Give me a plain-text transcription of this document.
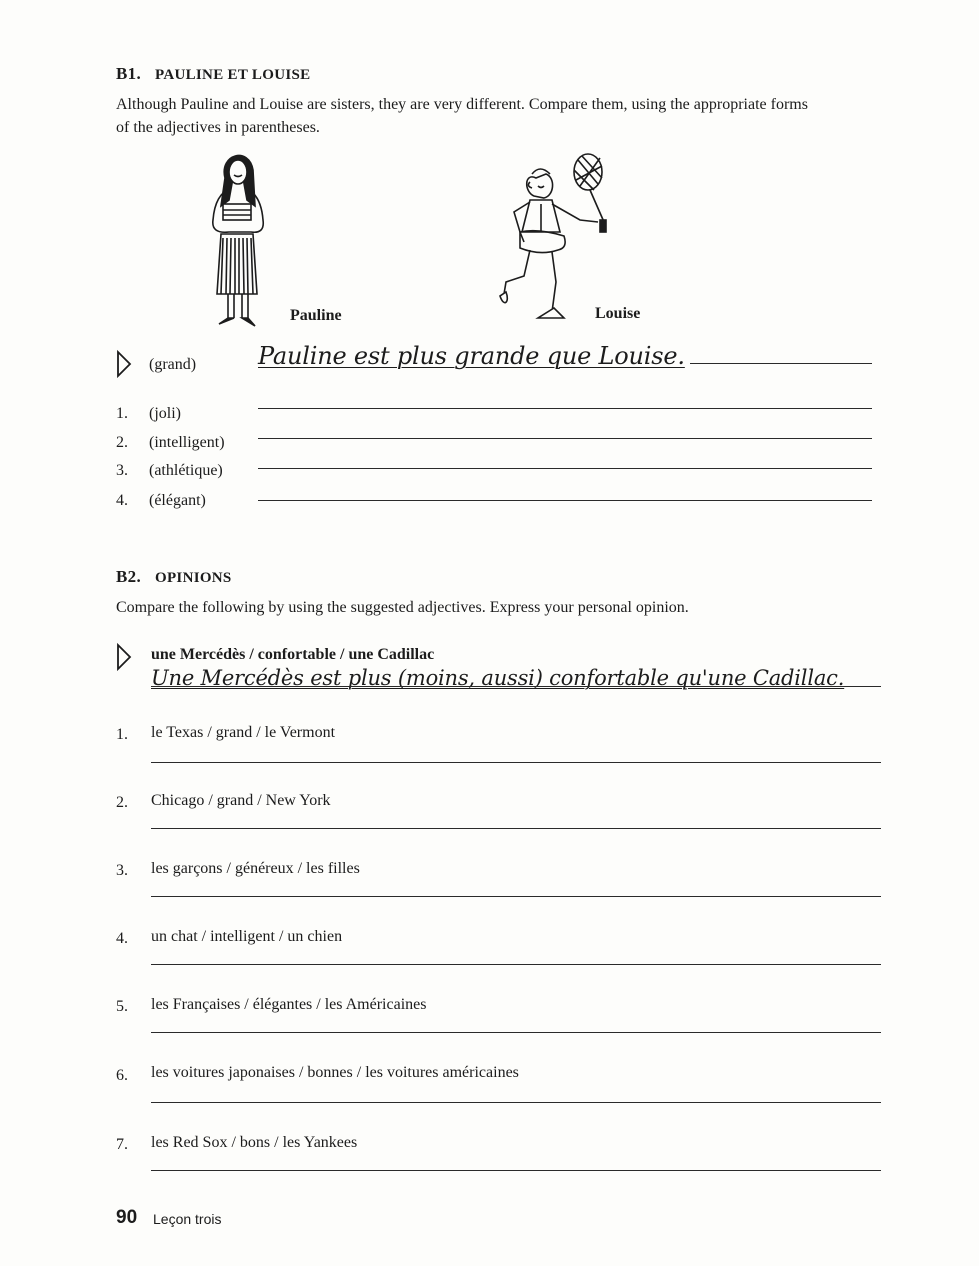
B1. PAULINE ET LOUISE
Although Pauline and Louise are sisters, they are very different. Compare them, using the appropriate forms of the adjectives in parentheses.
Pauline	Louise
(grand)	Pauline est plus grande que Louise.
1.	(joli)
2.	(intelligent)
3.	(athlétique)
4.	(élégant)
B2. OPINIONS
Compare the following by using the suggested adjectives. Express your personal opinion.
une Mercédès / confortable / une Cadillac
Une Mercédès est plus (moins, aussi) confortable qu'une Cadillac.
1.	le Texas / grand / le Vermont
2.	Chicago / grand / New York
3.	les garçons / généreux / les filles
4.	un chat / intelligent / un chien
5.	les Françaises / élégantes / les Américaines
6.	les voitures japonaises / bonnes / les voitures américaines
7.	les Red Sox / bons / les Yankees
90 Leçon trois
